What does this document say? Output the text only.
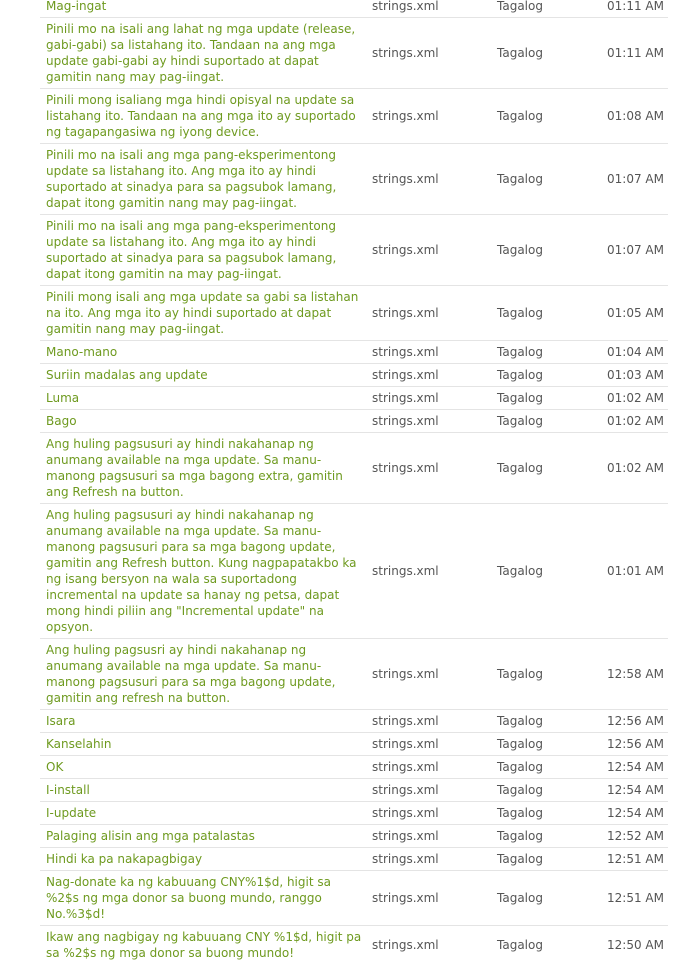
Mag-ingat	strings.xml	Tagalog	01:11 AM
Pinili mo na isali ang lahat ng mga update (release, gabi-gabi) sa listahang ito. Tandaan na ang mga update gabi-gabi ay hindi suportado at dapat gamitin nang may pag-iingat.	strings.xml	Tagalog	01:11 AM
Pinili mong isaliang mga hindi opisyal na update sa listahang ito. Tandaan na ang mga ito ay suportado ng tagapangasiwa ng iyong device.	strings.xml	Tagalog	01:08 AM
Pinili mo na isali ang mga pang-eksperimentong update sa listahang ito. Ang mga ito ay hindi suportado at sinadya para sa pagsubok lamang, dapat itong gamitin nang may pag-iingat.	strings.xml	Tagalog	01:07 AM
Pinili mo na isali ang mga pang-eksperimentong update sa listahang ito. Ang mga ito ay hindi suportado at sinadya para sa pagsubok lamang, dapat itong gamitin na may pag-iingat.	strings.xml	Tagalog	01:07 AM
Pinili mong isali ang mga update sa gabi sa listahan na ito. Ang mga ito ay hindi suportado at dapat gamitin nang may pag-iingat.	strings.xml	Tagalog	01:05 AM
Mano-mano	strings.xml	Tagalog	01:04 AM
Suriin madalas ang update	strings.xml	Tagalog	01:03 AM
Luma	strings.xml	Tagalog	01:02 AM
Bago	strings.xml	Tagalog	01:02 AM
Ang huling pagsusuri ay hindi nakahanap ng anumang available na mga update. Sa manu-manong pagsusuri sa mga bagong extra, gamitin ang Refresh na button.	strings.xml	Tagalog	01:02 AM
Ang huling pagsusuri ay hindi nakahanap ng anumang available na mga update. Sa manu-manong pagsusuri para sa mga bagong update, gamitin ang Refresh button. Kung nagpapatakbo ka ng isang bersyon na wala sa suportadong incremental na update sa hanay ng petsa, dapat mong hindi piliin ang "Incremental update" na opsyon.	strings.xml	Tagalog	01:01 AM
Ang huling pagsusri ay hindi nakahanap ng anumang available na mga update. Sa manu-manong pagsusuri para sa mga bagong update, gamitin ang refresh na button.	strings.xml	Tagalog	12:58 AM
Isara	strings.xml	Tagalog	12:56 AM
Kanselahin	strings.xml	Tagalog	12:56 AM
OK	strings.xml	Tagalog	12:54 AM
I-install	strings.xml	Tagalog	12:54 AM
I-update	strings.xml	Tagalog	12:54 AM
Palaging alisin ang mga patalastas	strings.xml	Tagalog	12:52 AM
Hindi ka pa nakapagbigay	strings.xml	Tagalog	12:51 AM
Nag-donate ka ng kabuuang CNY%1$d, higit sa %2$s ng mga donor sa buong mundo, ranggo No.%3$d!	strings.xml	Tagalog	12:51 AM
Ikaw ang nagbigay ng kabuuang CNY %1$d, higit pa sa %2$s ng mga donor sa buong mundo!	strings.xml	Tagalog	12:50 AM
